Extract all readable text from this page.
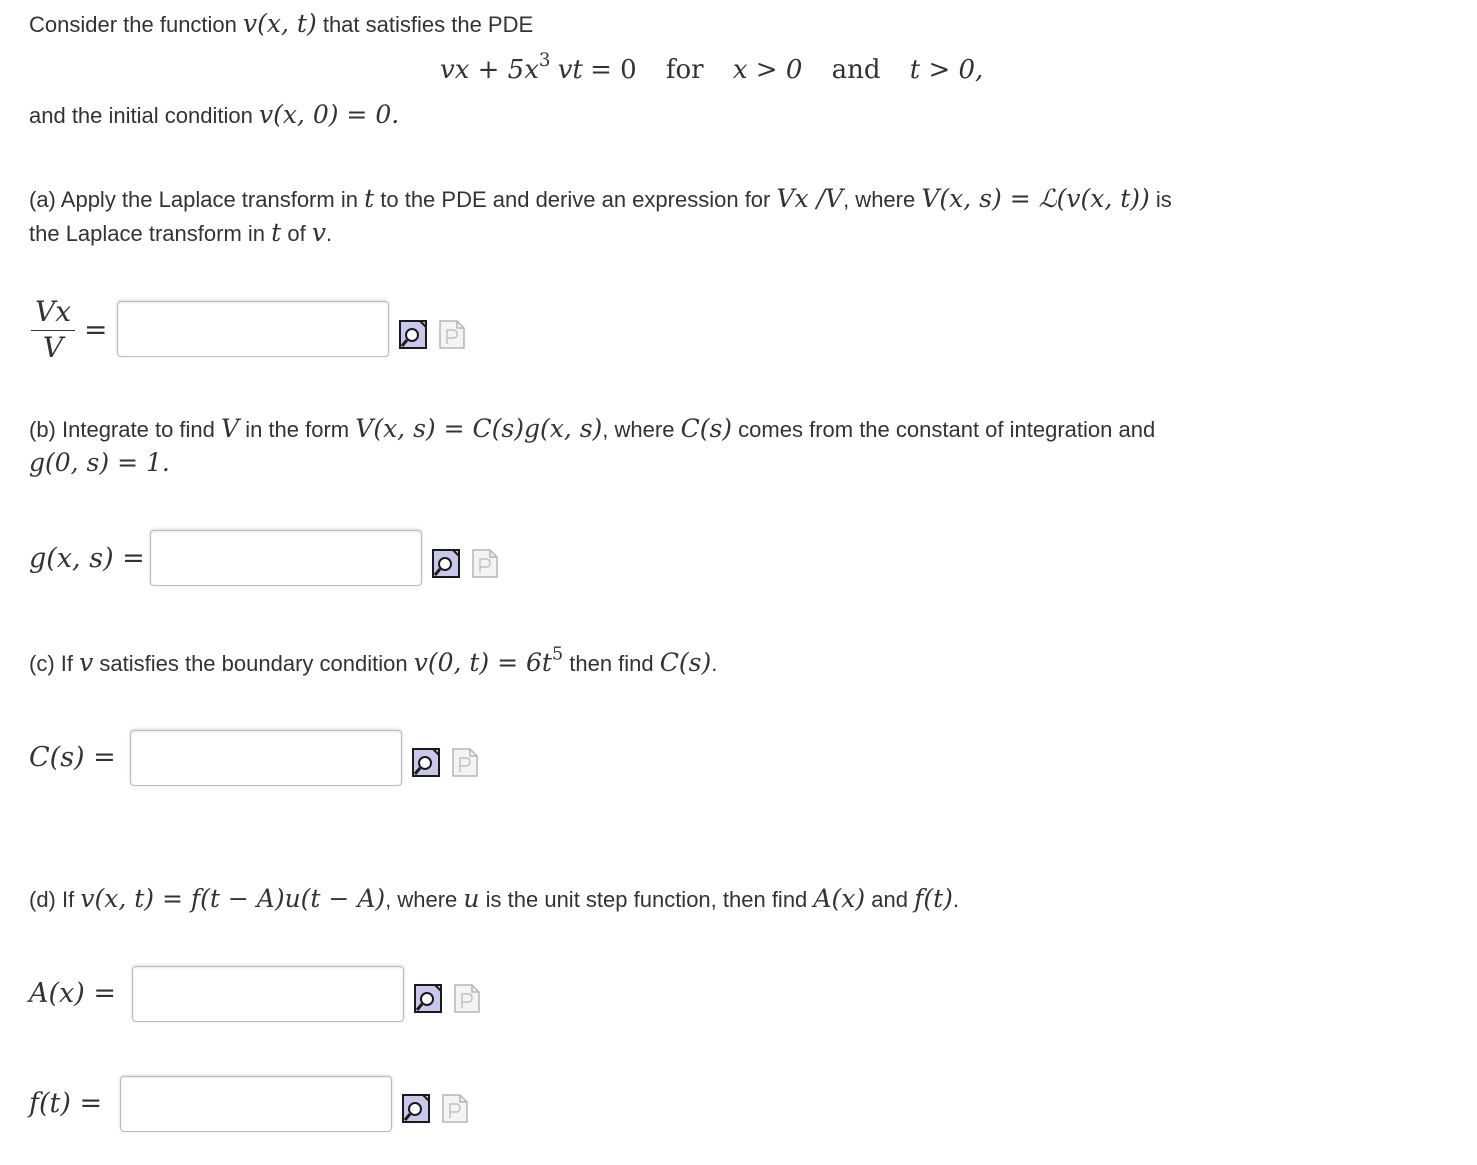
Consider the function v(x, t) that satisfies the PDE
vx + $5x^3$ vt = 0 for x > 0 and t > 0,
and the initial condition v(x, 0) = 0.
(a) Apply the Laplace transform in t to the PDE and derive an expression for Vx /V, where V(x, s) = ℒ(v(x, t)) is
the Laplace transform in t of v.
$\frac{Vx}{V}$ =
(b) Integrate to find V in the form V(x, s) = C(s)g(x, s), where C(s) comes from the constant of integration and
g(0, s) = 1.
g(x, s) =
(c) If v satisfies the boundary condition v(0, $t) = 6t^5$ then find C(s).
C(s) =
(d) If v(x, t) = f(t − A)u(t − A), where u is the unit step function, then find A(x) and f(t).
A(x) =
f(t) =
